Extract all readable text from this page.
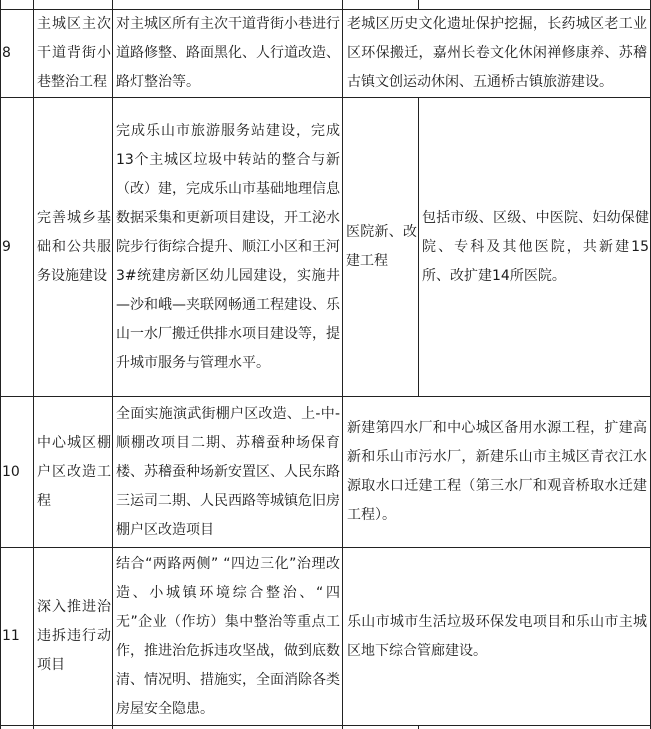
8
主城区主次干道背街小巷整治工程
对主城区所有主次干道背街小巷进行道路修整、路面黑化、人行道改造、路灯整治等。
老城区历史文化遗址保护挖掘，长药城区老工业区环保搬迁，嘉州长卷文化休闲禅修康养、苏稽古镇文创运动休闲、五通桥古镇旅游建设。
9
完善城乡基础和公共服务设施建设
完成乐山市旅游服务站建设，完成13个主城区垃圾中转站的整合与新（改）建，完成乐山市基础地理信息数据采集和更新项目建设，开工泌水院步行街综合提升、顺江小区和王河3#统建房新区幼儿园建设，实施井—沙和峨—夹联网畅通工程建设、乐山一水厂搬迁供排水项目建设等，提升城市服务与管理水平。
医院新、改建工程
包括市级、区级、中医院、妇幼保健院、专科及其他医院，共新建15所、改扩建14所医院。
10
中心城区棚户区改造工程
全面实施演武街棚户区改造、上-中-顺棚改项目二期、苏稽蚕种场保育楼、苏稽蚕种场新安置区、人民东路三运司二期、人民西路等城镇危旧房棚户区改造项目
新建第四水厂和中心城区备用水源工程，扩建高新和乐山市污水厂，新建乐山市主城区青衣江水源取水口迁建工程（第三水厂和观音桥取水迁建工程）。
11
深入推进治违拆违行动项目
结合“两路两侧” “四边三化”治理改造、小城镇环境综合整治、“四无”企业（作坊）集中整治等重点工作，推进治危拆违攻坚战，做到底数清、情况明、措施实，全面消除各类房屋安全隐患。
乐山市城市生活垃圾环保发电项目和乐山市主城区地下综合管廊建设。
